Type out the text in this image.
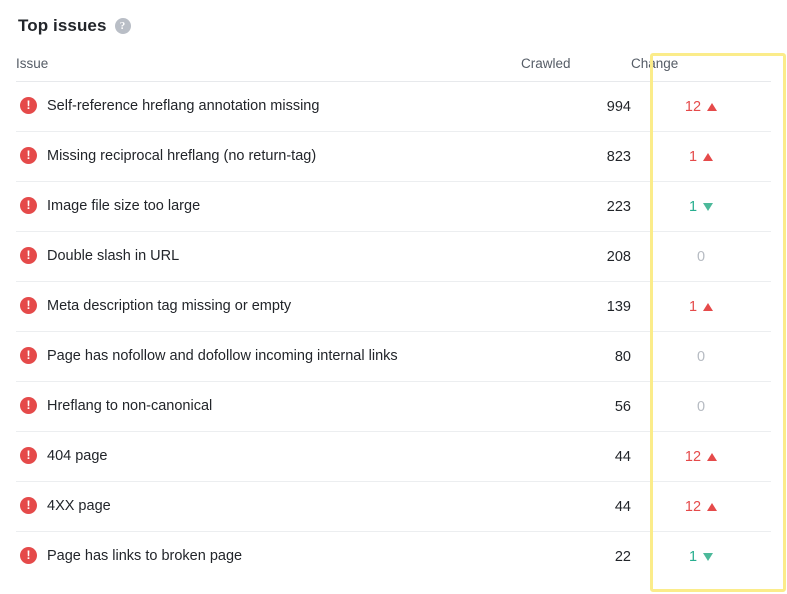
Top issues	?
Issue	Crawled	Change

! Self-reference hreflang annotation missing	994	12

! Missing reciprocal hreflang (no return-tag)	823	1

! Image file size too large	223	1

! Double slash in URL	208	0

! Meta description tag missing or empty	139	1

! Page has nofollow and dofollow incoming internal links	80	0

! Hreflang to non-canonical	56	0

! 404 page	44	12

! 4XX page	44	12

! Page has links to broken page	22	1
